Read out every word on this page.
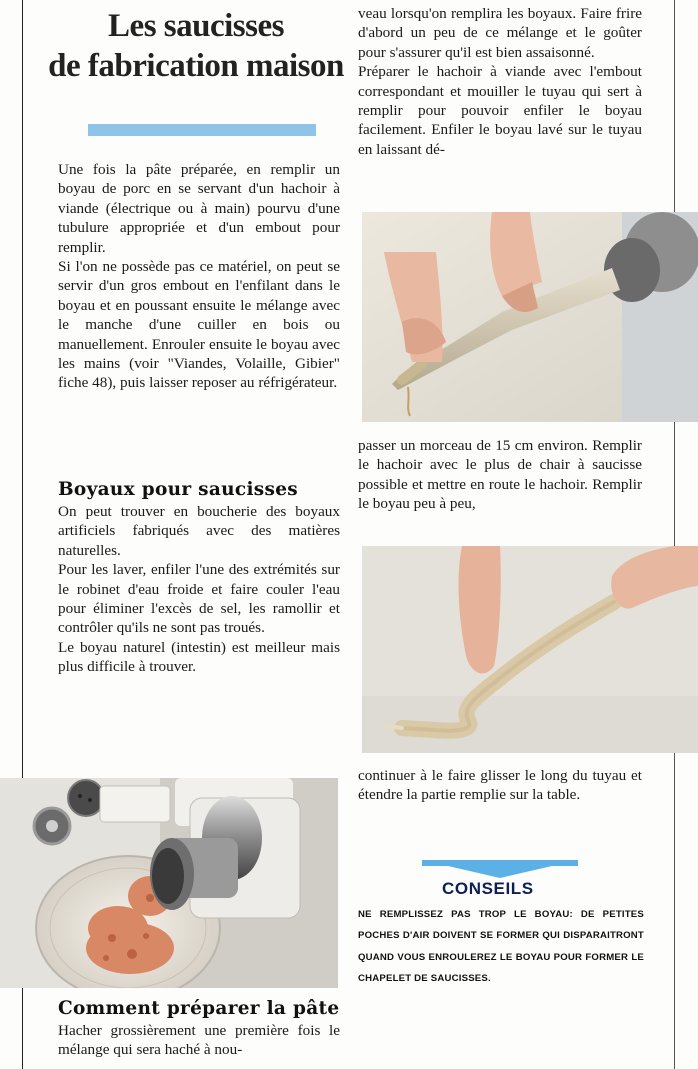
Les saucisses
de fabrication maison

Une fois la pâte préparée, en remplir un boyau de porc en se servant d'un hachoir à viande (électrique ou à main) pourvu d'une tubulure appropriée et d'un embout pour remplir.

Si l'on ne possède pas ce matériel, on peut se servir d'un gros embout en l'enfilant dans le boyau et en poussant ensuite le mélange avec le manche d'une cuiller en bois ou manuellement. Enrouler ensuite le boyau avec les mains (voir "Viandes, Volaille, Gibier" fiche 48), puis laisser reposer au réfrigérateur.

Boyaux pour saucisses

On peut trouver en boucherie des boyaux artificiels fabriqués avec des matières naturelles.

Pour les laver, enfiler l'une des extrémités sur le robinet d'eau froide et faire couler l'eau pour éliminer l'excès de sel, les ramollir et contrôler qu'ils ne sont pas troués.

Le boyau naturel (intestin) est meilleur mais plus difficile à trouver.

Comment préparer la pâte

Hacher grossièrement une première fois le mélange qui sera haché à nou-

veau lorsqu'on remplira les boyaux. Faire frire d'abord un peu de ce mélange et le goûter pour s'assurer qu'il est bien assaisonné.

Préparer le hachoir à viande avec l'embout correspondant et mouiller le tuyau qui sert à remplir pour pouvoir enfiler le boyau facilement. Enfiler le boyau lavé sur le tuyau en laissant dé-

passer un morceau de 15 cm environ. Remplir le hachoir avec le plus de chair à saucisse possible et mettre en route le hachoir. Remplir le boyau peu à peu,

continuer à le faire glisser le long du tuyau et étendre la partie remplie sur la table.

CONSEILS
NE REMPLISSEZ PAS TROP LE BOYAU: DE PETITES POCHES D'AIR DOIVENT SE FORMER QUI DISPARAITRONT QUAND VOUS ENROULEREZ LE BOYAU POUR FORMER LE CHAPELET DE SAUCISSES.
